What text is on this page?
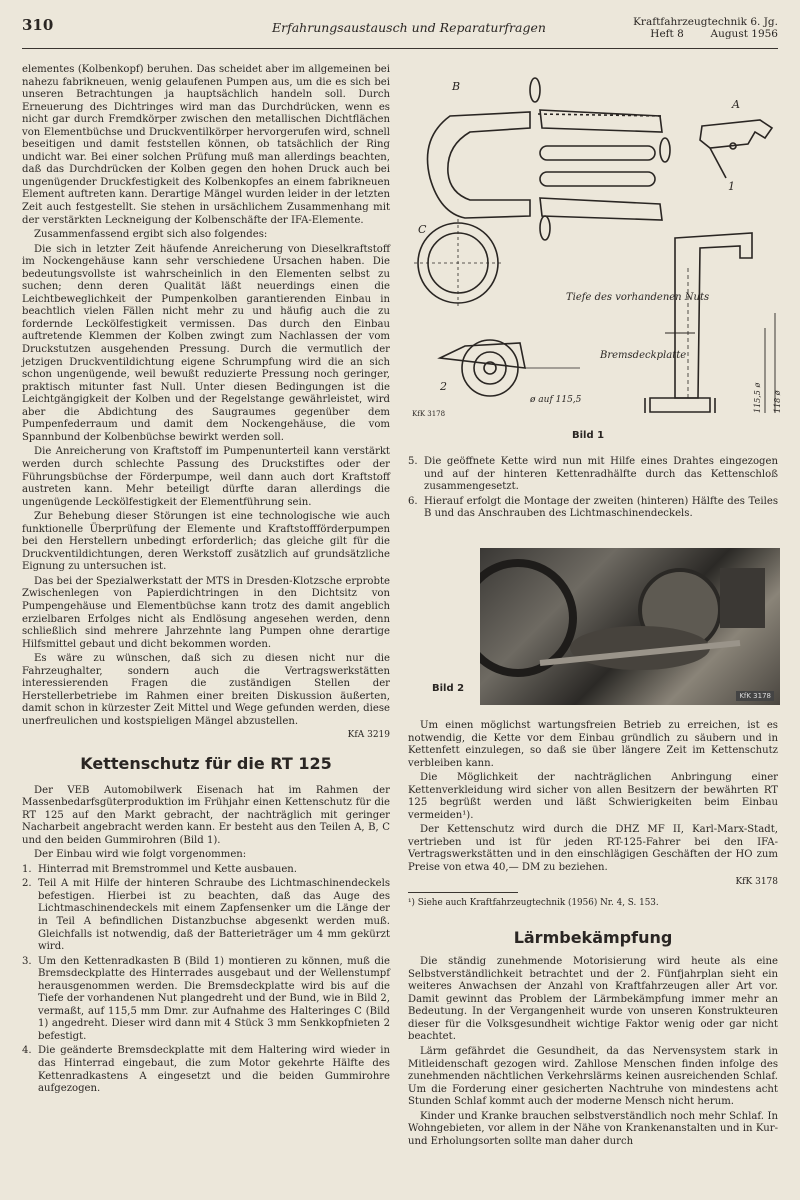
310	Erfahrungsaustausch und Reparaturfragen	Kraftfahrzeugtechnik 6. Jg.
Heft 8        August 1956

elementes (Kolbenkopf) beruhen. Das scheidet aber im allgemeinen bei nahezu fabrikneuen, wenig gelaufenen Pumpen aus, um die es sich bei unseren Betrachtungen ja hauptsächlich handeln soll. Durch Erneuerung des Dichtringes wird man das Durchdrücken, wenn es nicht gar durch Fremdkörper zwischen den metallischen Dichtflächen von Elementbüchse und Druckventilkörper hervorgerufen wird, schnell beseitigen und damit feststellen können, ob tatsächlich der Ring undicht war. Bei einer solchen Prüfung muß man allerdings beachten, daß das Durchdrücken der Kolben gegen den hohen Druck auch bei ungenügender Druckfestigkeit des Kolbenkopfes an einem fabrikneuen Element auftreten kann. Derartige Mängel wurden leider in der letzten Zeit auch festgestellt. Sie stehen in ursächlichem Zusammenhang mit der verstärkten Leckneigung der Kolbenschäfte der IFA-Elemente.

Zusammenfassend ergibt sich also folgendes:

Die sich in letzter Zeit häufende Anreicherung von Dieselkraftstoff im Nockengehäuse kann sehr verschiedene Ursachen haben. Die bedeutungsvollste ist wahrscheinlich in den Elementen selbst zu suchen; denn deren Qualität läßt neuerdings einen die Leichtbeweglichkeit der Pumpenkolben garantierenden Einbau in beachtlich vielen Fällen nicht mehr zu und häufig auch die zu fordernde Leckölfestigkeit vermissen. Das durch den Einbau auftretende Klemmen der Kolben zwingt zum Nachlassen der vom Druckstutzen ausgehenden Pressung. Durch die vermutlich der jetzigen Druckventildichtung eigene Schrumpfung wird die an sich schon ungenügende, weil bewußt reduzierte Pressung noch geringer, praktisch mitunter fast Null. Unter diesen Bedingungen ist die Leichtgängigkeit der Kolben und der Regelstange gewährleistet, wird aber die Abdichtung des Saugraumes gegenüber dem Pumpenfederraum und damit dem Nockengehäuse, die vom Spannbund der Kolbenbüchse bewirkt werden soll.

Die Anreicherung von Kraftstoff im Pumpenunterteil kann verstärkt werden durch schlechte Passung des Druckstiftes oder der Führungsbüchse der Förderpumpe, weil dann auch dort Kraftstoff austreten kann. Mehr beteiligt dürfte daran allerdings die ungenügende Leckölfestigkeit der Elementführung sein.

Zur Behebung dieser Störungen ist eine technologische wie auch funktionelle Überprüfung der Elemente und Kraftstoffförderpumpen bei den Herstellern unbedingt erforderlich; das gleiche gilt für die Druckventildichtungen, deren Werkstoff zusätzlich auf grundsätzliche Eignung zu untersuchen ist.

Das bei der Spezialwerkstatt der MTS in Dresden-Klotzsche erprobte Zwischenlegen von Papierdichtringen in den Dichtsitz von Pumpengehäuse und Elementbüchse kann trotz des damit angeblich erzielbaren Erfolges nicht als Endlösung angesehen werden, denn schließlich sind mehrere Jahrzehnte lang Pumpen ohne derartige Hilfsmittel gebaut und dicht bekommen worden.

Es wäre zu wünschen, daß sich zu diesen nicht nur die Fahrzeughalter, sondern auch die Vertragswerkstätten interessierenden Fragen die zuständigen Stellen der Herstellerbetriebe im Rahmen einer breiten Diskussion äußerten, damit schon in kürzester Zeit Mittel und Wege gefunden werden, diese unerfreulichen und kostspieligen Mängel abzustellen.

KfA 3219
Kettenschutz für die RT 125

Der VEB Automobilwerk Eisenach hat im Rahmen der Massenbedarfsgüterproduktion im Frühjahr einen Kettenschutz für die RT 125 auf den Markt gebracht, der nachträglich mit geringer Nacharbeit angebracht werden kann. Er besteht aus den Teilen A, B, C und den beiden Gummirohren (Bild 1).

Der Einbau wird wie folgt vorgenommen:

1. Hinterrad mit Bremstrommel und Kette ausbauen.
2. Teil A mit Hilfe der hinteren Schraube des Lichtmaschinendeckels befestigen. Hierbei ist zu beachten, daß das Auge des Lichtmaschinendeckels mit einem Zapfensenker um die Länge der in Teil A befindlichen Distanzbuchse abgesenkt werden muß. Gleichfalls ist notwendig, daß der Batterieträger um 4 mm gekürzt wird.
3. Um den Kettenradkasten B (Bild 1) montieren zu können, muß die Bremsdeckplatte des Hinterrades ausgebaut und der Wellenstumpf herausgenommen werden. Die Bremsdeckplatte wird bis auf die Tiefe der vorhandenen Nut plangedreht und der Bund, wie in Bild 2, vermaßt, auf 115,5 mm Dmr. zur Aufnahme des Halteringes C (Bild 1) angedreht. Dieser wird dann mit 4 Stück 3 mm Senkkopfnieten 2 befestigt.
4. Die geänderte Bremsdeckplatte mit dem Haltering wird wieder in das Hinterrad eingebaut, die zum Motor gekehrte Hälfte des Kettenradkastens A eingesetzt und die beiden Gummirohre aufgezogen.
B
A
C
1
2
Tiefe des vorhandenen Nuts
Bremsdeckplatte
ø auf 115,5	115,5 ø 118 ø
KfK 3178
Bild 1
5. Die geöffnete Kette wird nun mit Hilfe eines Drahtes eingezogen und auf der hinteren Kettenradhälfte durch das Kettenschloß zusammengesetzt.
6. Hierauf erfolgt die Montage der zweiten (hinteren) Hälfte des Teiles B und das Anschrauben des Lichtmaschinendeckels.
KfK 3178
Bild 2

Um einen möglichst wartungsfreien Betrieb zu erreichen, ist es notwendig, die Kette vor dem Einbau gründlich zu säubern und in Kettenfett einzulegen, so daß sie über längere Zeit im Kettenschutz verbleiben kann.

Die Möglichkeit der nachträglichen Anbringung einer Kettenverkleidung wird sicher von allen Besitzern der bewährten RT 125 begrüßt werden und läßt Schwierigkeiten beim Einbau vermeiden¹).

Der Kettenschutz wird durch die DHZ MF II, Karl-Marx-Stadt, vertrieben und ist für jeden RT-125-Fahrer bei den IFA-Vertragswerkstätten und in den einschlägigen Geschäften der HO zum Preise von etwa 40,— DM zu beziehen.

KfK 3178
¹) Siehe auch Kraftfahrzeugtechnik (1956) Nr. 4, S. 153.
Lärmbekämpfung

Die ständig zunehmende Motorisierung wird heute als eine Selbstverständlichkeit betrachtet und der 2. Fünfjahrplan sieht ein weiteres Anwachsen der Anzahl von Kraftfahrzeugen aller Art vor. Damit gewinnt das Problem der Lärmbekämpfung immer mehr an Bedeutung. In der Vergangenheit wurde von unseren Konstrukteuren dieser für die Volksgesundheit wichtige Faktor wenig oder gar nicht beachtet.

Lärm gefährdet die Gesundheit, da das Nervensystem stark in Mitleidenschaft gezogen wird. Zahllose Menschen finden infolge des zunehmenden nächtlichen Verkehrslärms keinen ausreichenden Schlaf. Um die Forderung einer gesicherten Nachtruhe von mindestens acht Stunden Schlaf kommt auch der moderne Mensch nicht herum.

Kinder und Kranke brauchen selbstverständlich noch mehr Schlaf. In Wohngebieten, vor allem in der Nähe von Krankenanstalten und in Kur- und Erholungsorten sollte man daher durch
